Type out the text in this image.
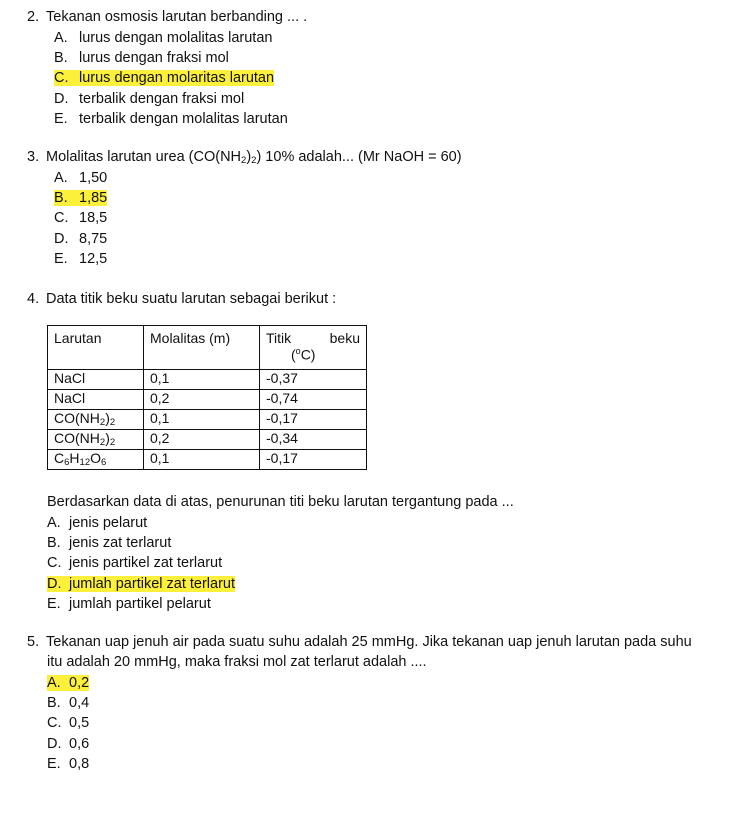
2. Tekanan osmosis larutan berbanding ... .
A. lurus dengan molalitas larutan
B. lurus dengan fraksi mol
C. lurus dengan molaritas larutan
D. terbalik dengan fraksi mol
E. terbalik dengan molalitas larutan
3. Molalitas larutan urea $(CO(NH_2)_2)$ 10% adalah... (Mr NaOH = 60)
A. 1,50
B. 1,85
C. 18,5
D. 8,75
E. 12,5
4. Data titik beku suatu larutan sebagai berikut :
Larutan	Molalitas (m)	Titik beku
($^o$C)

NaCl	0,1	-0,37
NaCl	0,2	-0,74
$CO(NH_2)_2$	0,1	-0,17
$CO(NH_2)_2$	0,2	-0,34
$C_6H_{12}O_6$	0,1	-0,17
Berdasarkan data di atas, penurunan titi beku larutan tergantung pada ...
A. jenis pelarut
B. jenis zat terlarut
C. jenis partikel zat terlarut
D. jumlah partikel zat terlarut
E. jumlah partikel pelarut
5. Tekanan uap jenuh air pada suatu suhu adalah 25 mmHg. Jika tekanan uap jenuh larutan pada suhu
itu adalah 20 mmHg, maka fraksi mol zat terlarut adalah ....
A. 0,2
B. 0,4
C. 0,5
D. 0,6
E. 0,8
